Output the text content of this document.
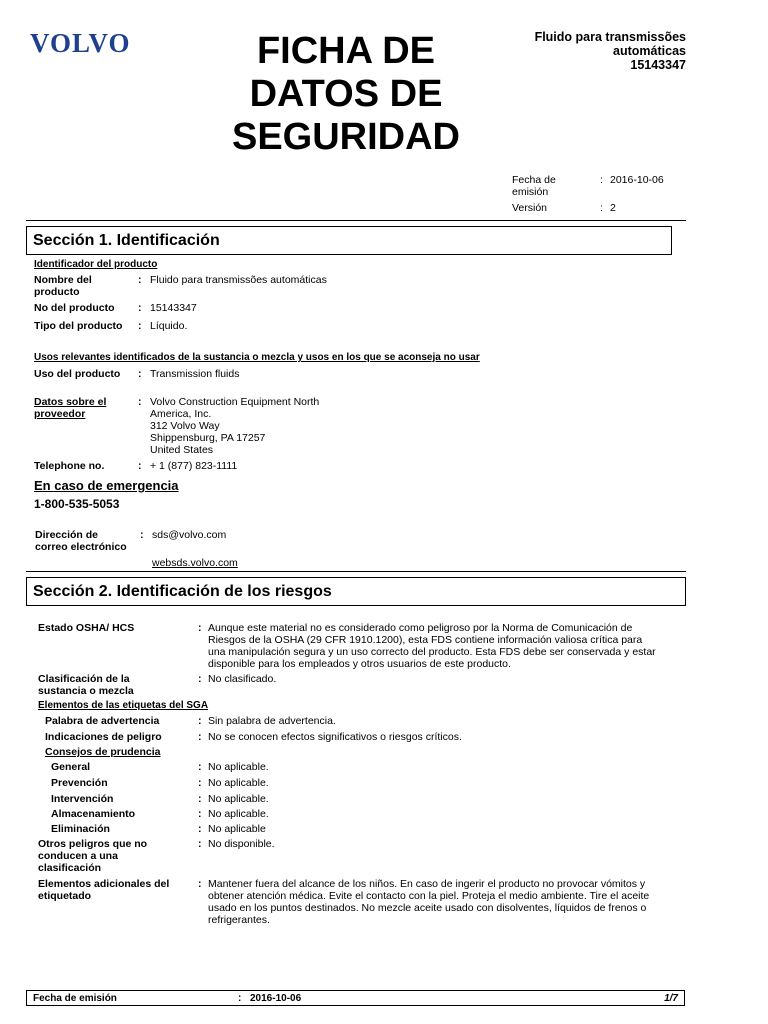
VOLVO	FICHA DE
DATOS DE
SEGURIDAD
Fluido para transmissões
automáticas
15143347
Fecha de
emisión
: 2016-10-06
Versión	: 2
Sección 1. Identificación
Identificador del producto
Nombre del
producto
: Fluido para transmissões automáticas
No del producto : 15143347
Tipo del producto : Líquido.
Usos relevantes identificados de la sustancia o mezcla y usos en los que se aconseja no usar
Uso del producto : Transmission fluids
Datos sobre el
proveedor
: Volvo Construction Equipment North
America, Inc.
312 Volvo Way
Shippensburg, PA 17257
United States
Telephone no.	: + 1 (877) 823-1111
En caso de emergencia
1-800-535-5053
Dirección de
correo electrónico
: sds@volvo.com
websds.volvo.com
Sección 2. Identificación de los riesgos
Estado OSHA/ HCS	: Aunque este material no es considerado como peligroso por la Norma de Comunicación de
Riesgos de la OSHA (29 CFR 1910.1200), esta FDS contiene información valiosa crítica para
una manipulación segura y un uso correcto del producto. Esta FDS debe ser conservada y estar
disponible para los empleados y otros usuarios de este producto.
Clasificación de la
sustancia o mezcla
: No clasificado.
Elementos de las etiquetas del SGA
Palabra de advertencia	: Sin palabra de advertencia.
Indicaciones de peligro	: No se conocen efectos significativos o riesgos críticos.
Consejos de prudencia
General	: No aplicable.
Prevención	: No aplicable.
Intervención	: No aplicable.
Almacenamiento	: No aplicable.
Eliminación	: No aplicable
Otros peligros que no
conducen a una
clasificación
: No disponible.
Elementos adicionales del
etiquetado
: Mantener fuera del alcance de los niños. En caso de ingerir el producto no provocar vómitos y
obtener atención médica. Evite el contacto con la piel. Proteja el medio ambiente. Tire el aceite
usado en los puntos destinados. No mezcle aceite usado con disolventes, líquidos de frenos o
refrigerantes.
Fecha de emisión	: 2016-10-06	1/7
